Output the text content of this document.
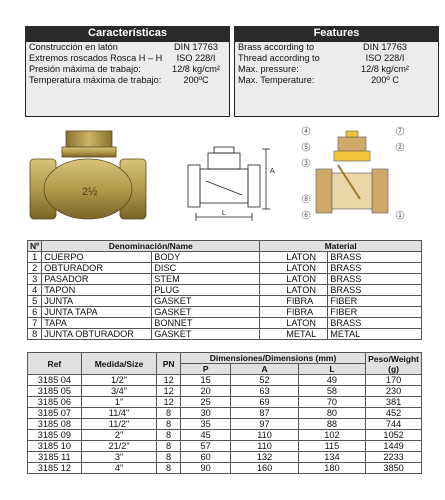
Características
Construcción en latón	DIN 17763
Extremos roscados Rosca H – H	ISO 228/I
Presión máxima de trabajo:	12/8 kg/cm²
Temperatura máxima de trabajo:	200ºC
Features
Brass according to	DIN 17763
Thread according to	ISO 228/I
Max. pressure:	12/8 kg/cm²
Max. Temperature:	200º C
2½
A
L
4
5
3
8
6
7
2
1
Nº	Denominación/Name		Material	
1	CUERPO	BODY	LATON	BRASS
2	OBTURADOR	DISC	LATON	BRASS
3	PASADOR	STEM	LATON	BRASS
4	TAPON	PLUG	LATON	BRASS
5	JUNTA	GASKET	FIBRA	FIBER
6	JUNTA TAPA	GASKET	FIBRA	FIBER
7	TAPA	BONNET	LATON	BRASS
8	JUNTA OBTURADOR	GASKET	METAL	METAL
Ref	Medida/Size	PN	Dimensiones/Dimensions (mm)			Peso/Weight (g)
			P	A	L	
3185 04	1/2"	12	15	52	49	170
3185 05	3/4"	12	20	63	58	230
3185 06	1"	12	25	69	70	381
3185 07	11/4"	8	30	87	80	452
3185 08	11/2"	8	35	97	88	744
3185 09	2"	8	45	110	102	1052
3185 10	21/2"	8	57	110	115	1449
3185 11	3"	8	60	132	134	2233
3185 12	4"	8	90	160	180	3850
